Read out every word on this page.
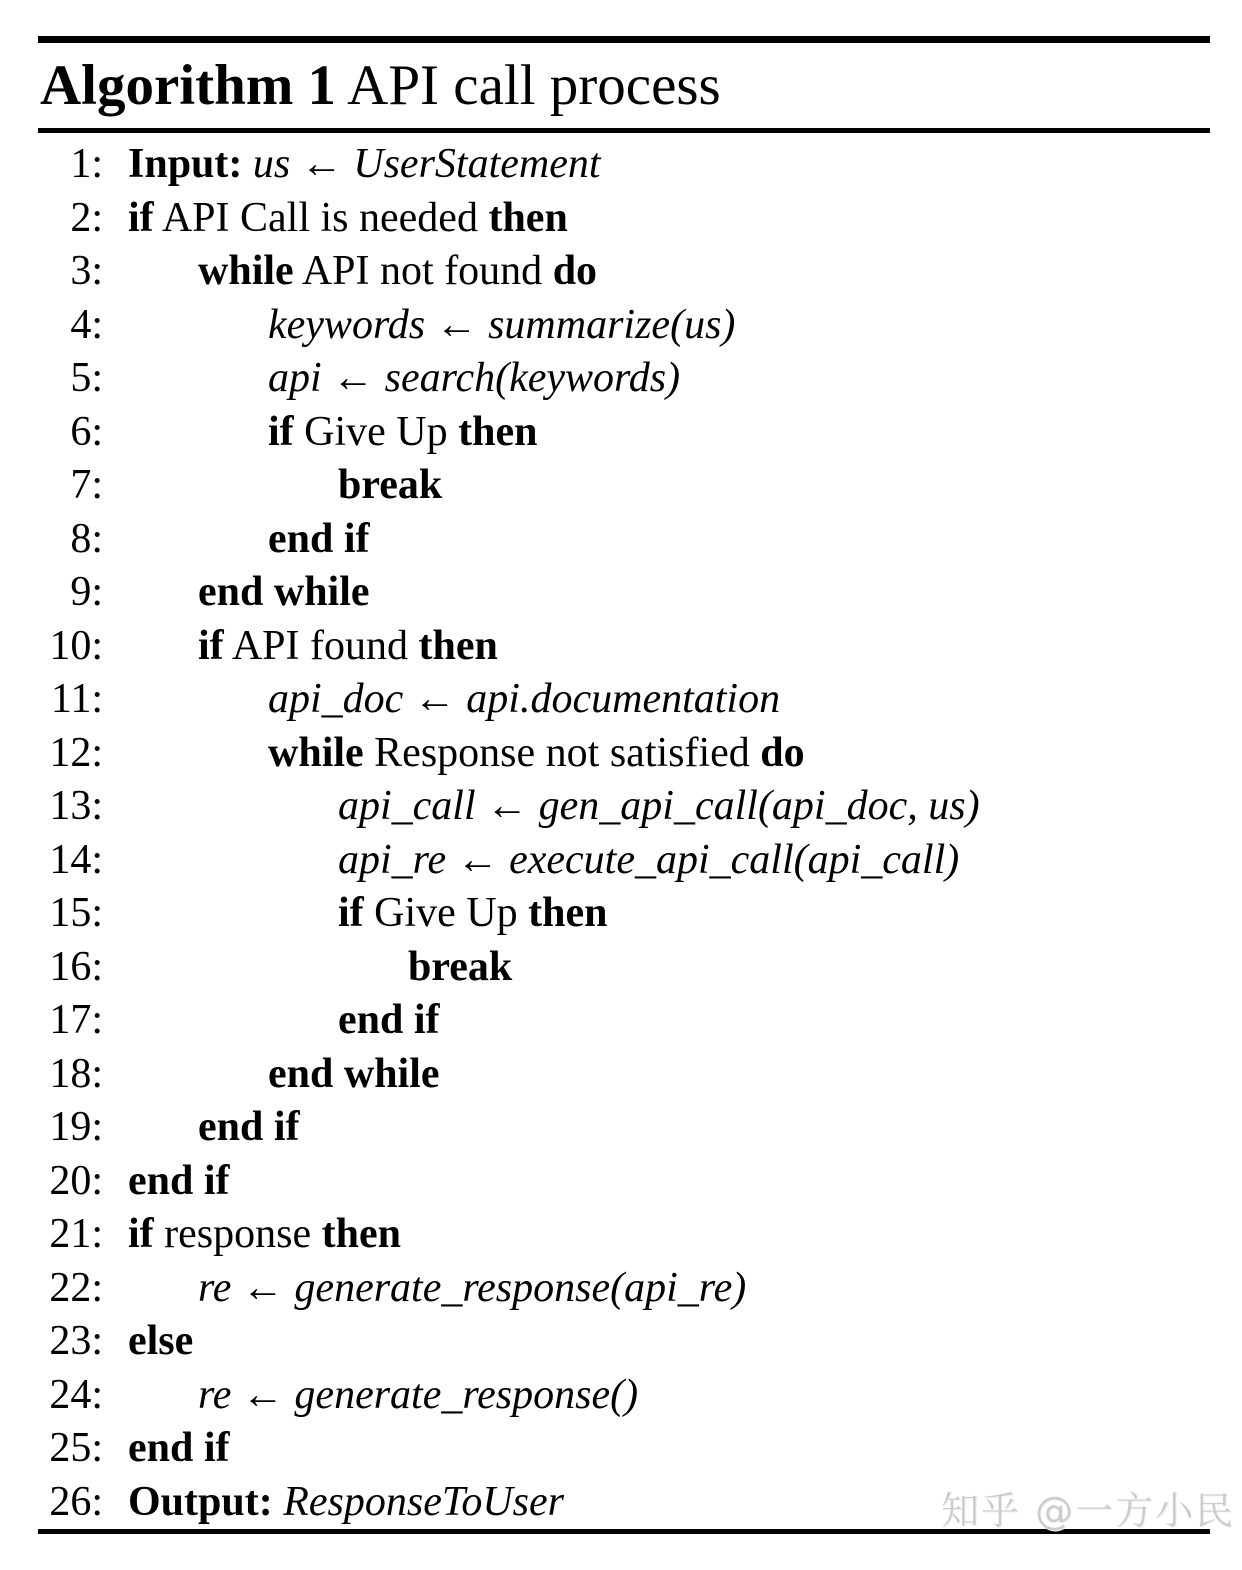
Algorithm 1 API call process
1: Input: us ← UserStatement
2: if API Call is needed then
3: while API not found do
4:	keywords ← summarize(us)
5:	api ← search(keywords)
6:	if Give Up then
7:	break
8:	end if
9: end while
10: if API found then
11:	api_doc ← api.documentation
12:	while Response not satisfied do
13:	api_call ← gen_api_call(api_doc, us)
14:	api_re ← execute_api_call(api_call)
15:	if Give Up then
16:	break
17:	end if
18:	end while
19: end if
20: end if
21: if response then
22: re ← generate_response(api_re)
23: else
24: re ← generate_response()
25: end if
26: Output: ResponseToUser	知乎 @一方小民
